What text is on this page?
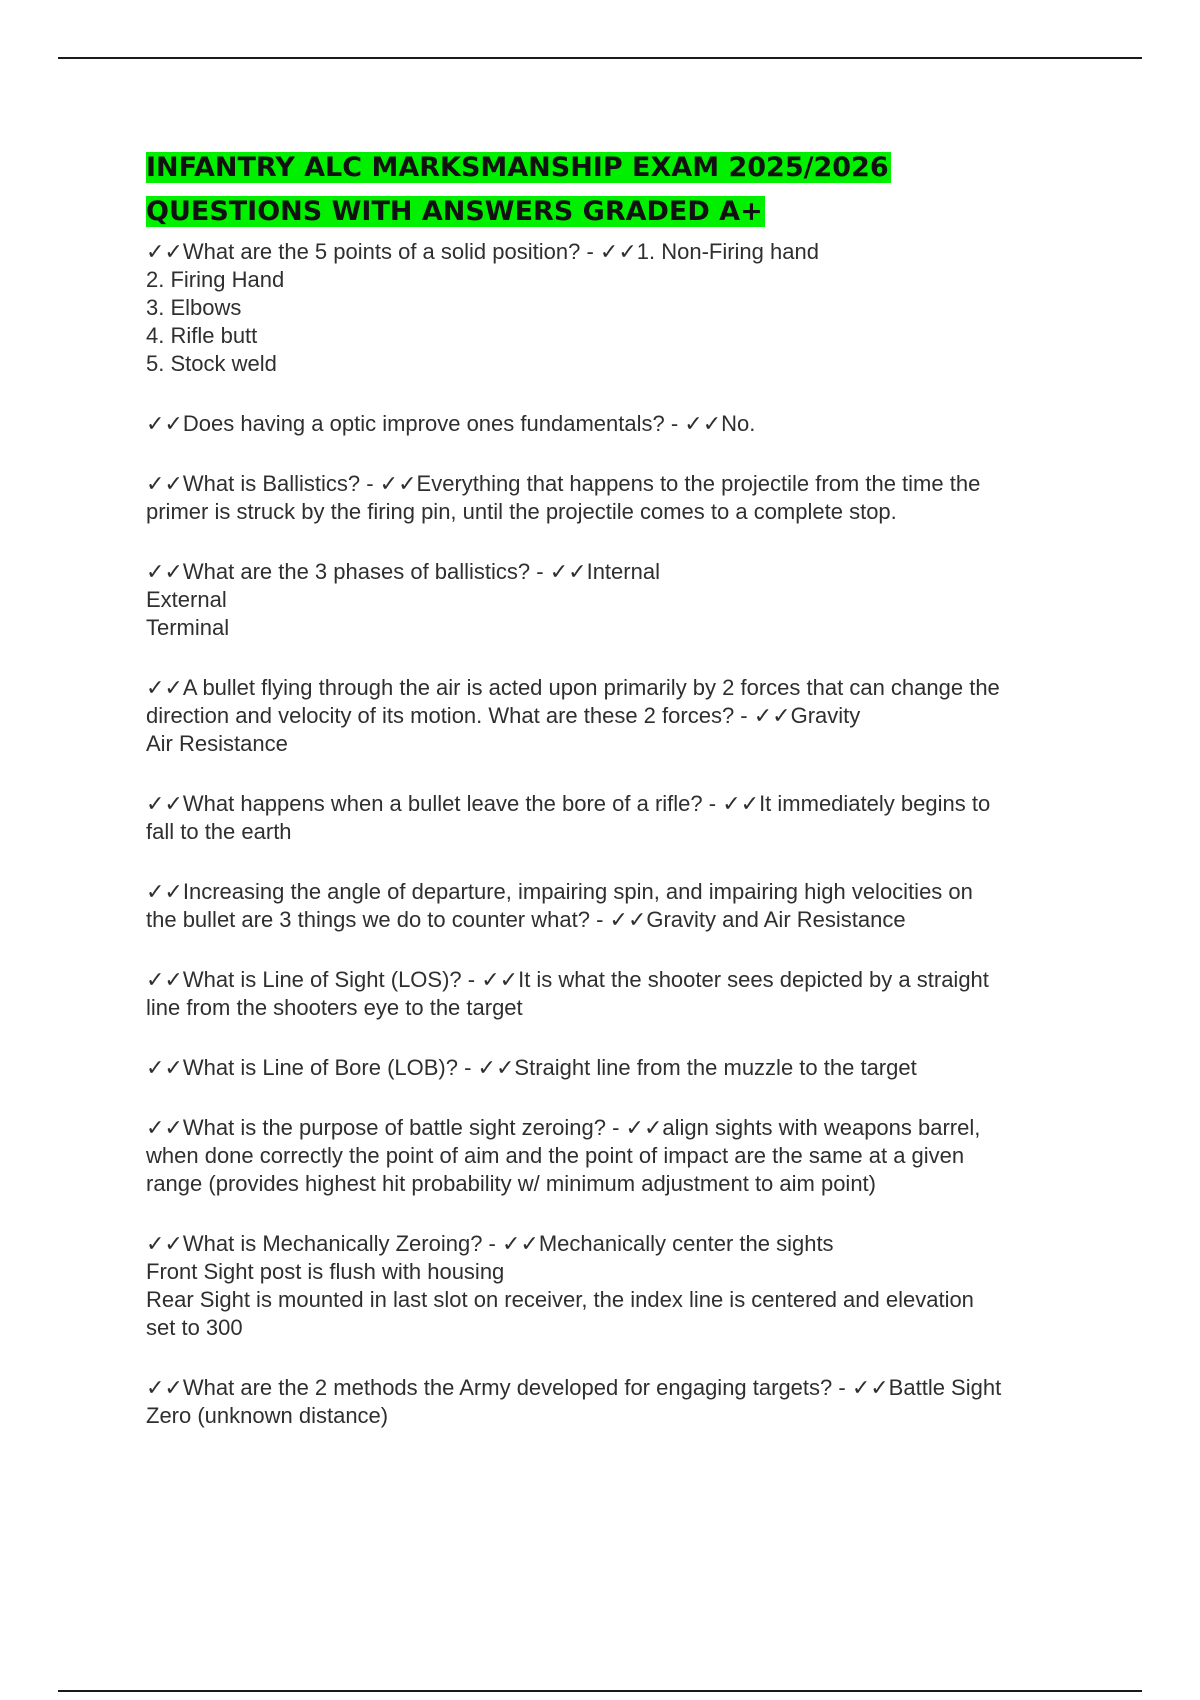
INFANTRY ALC MARKSMANSHIP EXAM 2025/2026
QUESTIONS WITH ANSWERS GRADED A+
✓✓What are the 5 points of a solid position? - ✓✓1. Non-Firing hand
2. Firing Hand
3. Elbows
4. Rifle butt
5. Stock weld
✓✓Does having a optic improve ones fundamentals? - ✓✓No.
✓✓What is Ballistics? - ✓✓Everything that happens to the projectile from the time the
primer is struck by the firing pin, until the projectile comes to a complete stop.
✓✓What are the 3 phases of ballistics? - ✓✓Internal
External
Terminal
✓✓A bullet flying through the air is acted upon primarily by 2 forces that can change the
direction and velocity of its motion. What are these 2 forces? - ✓✓Gravity
Air Resistance
✓✓What happens when a bullet leave the bore of a rifle? - ✓✓It immediately begins to
fall to the earth
✓✓Increasing the angle of departure, impairing spin, and impairing high velocities on
the bullet are 3 things we do to counter what? - ✓✓Gravity and Air Resistance
✓✓What is Line of Sight (LOS)? - ✓✓It is what the shooter sees depicted by a straight
line from the shooters eye to the target
✓✓What is Line of Bore (LOB)? - ✓✓Straight line from the muzzle to the target
✓✓What is the purpose of battle sight zeroing? - ✓✓align sights with weapons barrel,
when done correctly the point of aim and the point of impact are the same at a given
range (provides highest hit probability w/ minimum adjustment to aim point)
✓✓What is Mechanically Zeroing? - ✓✓Mechanically center the sights
Front Sight post is flush with housing
Rear Sight is mounted in last slot on receiver, the index line is centered and elevation
set to 300
✓✓What are the 2 methods the Army developed for engaging targets? - ✓✓Battle Sight
Zero (unknown distance)
